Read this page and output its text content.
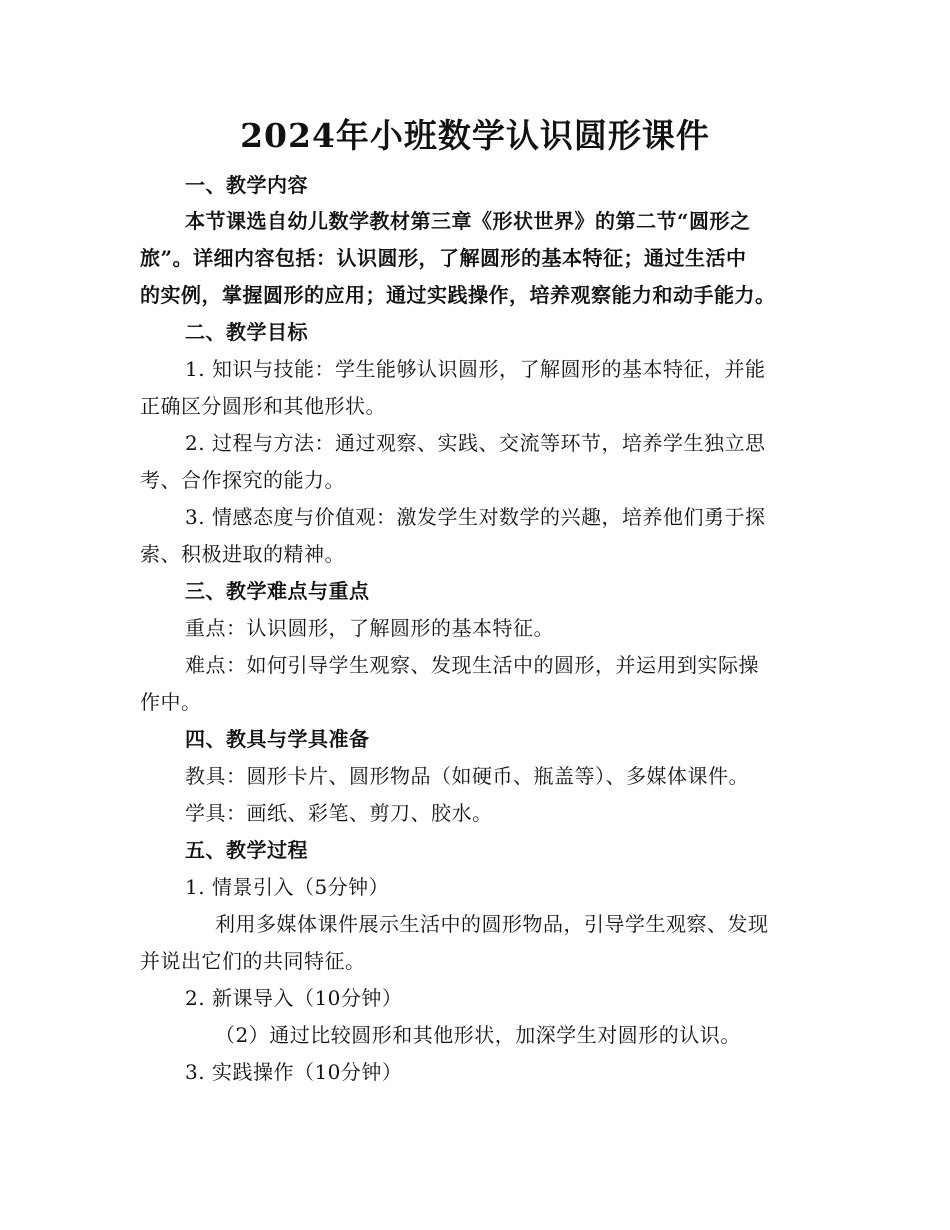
2024年小班数学认识圆形课件
一、教学内容
本节课选自幼儿数学教材第三章《形状世界》的第二节“圆形之
旅”。详细内容包括：认识圆形，了解圆形的基本特征；通过生活中
的实例，掌握圆形的应用；通过实践操作，培养观察能力和动手能力。
二、教学目标
1. 知识与技能：学生能够认识圆形，了解圆形的基本特征，并能
正确区分圆形和其他形状。
2. 过程与方法：通过观察、实践、交流等环节，培养学生独立思
考、合作探究的能力。
3. 情感态度与价值观：激发学生对数学的兴趣，培养他们勇于探
索、积极进取的精神。
三、教学难点与重点
重点：认识圆形，了解圆形的基本特征。
难点：如何引导学生观察、发现生活中的圆形，并运用到实际操
作中。
四、教具与学具准备
教具：圆形卡片、圆形物品（如硬币、瓶盖等）、多媒体课件。
学具：画纸、彩笔、剪刀、胶水。
五、教学过程
1. 情景引入（5分钟）
利用多媒体课件展示生活中的圆形物品，引导学生观察、发现
并说出它们的共同特征。
2. 新课导入（10分钟）
（2）通过比较圆形和其他形状，加深学生对圆形的认识。
3. 实践操作（10分钟）
